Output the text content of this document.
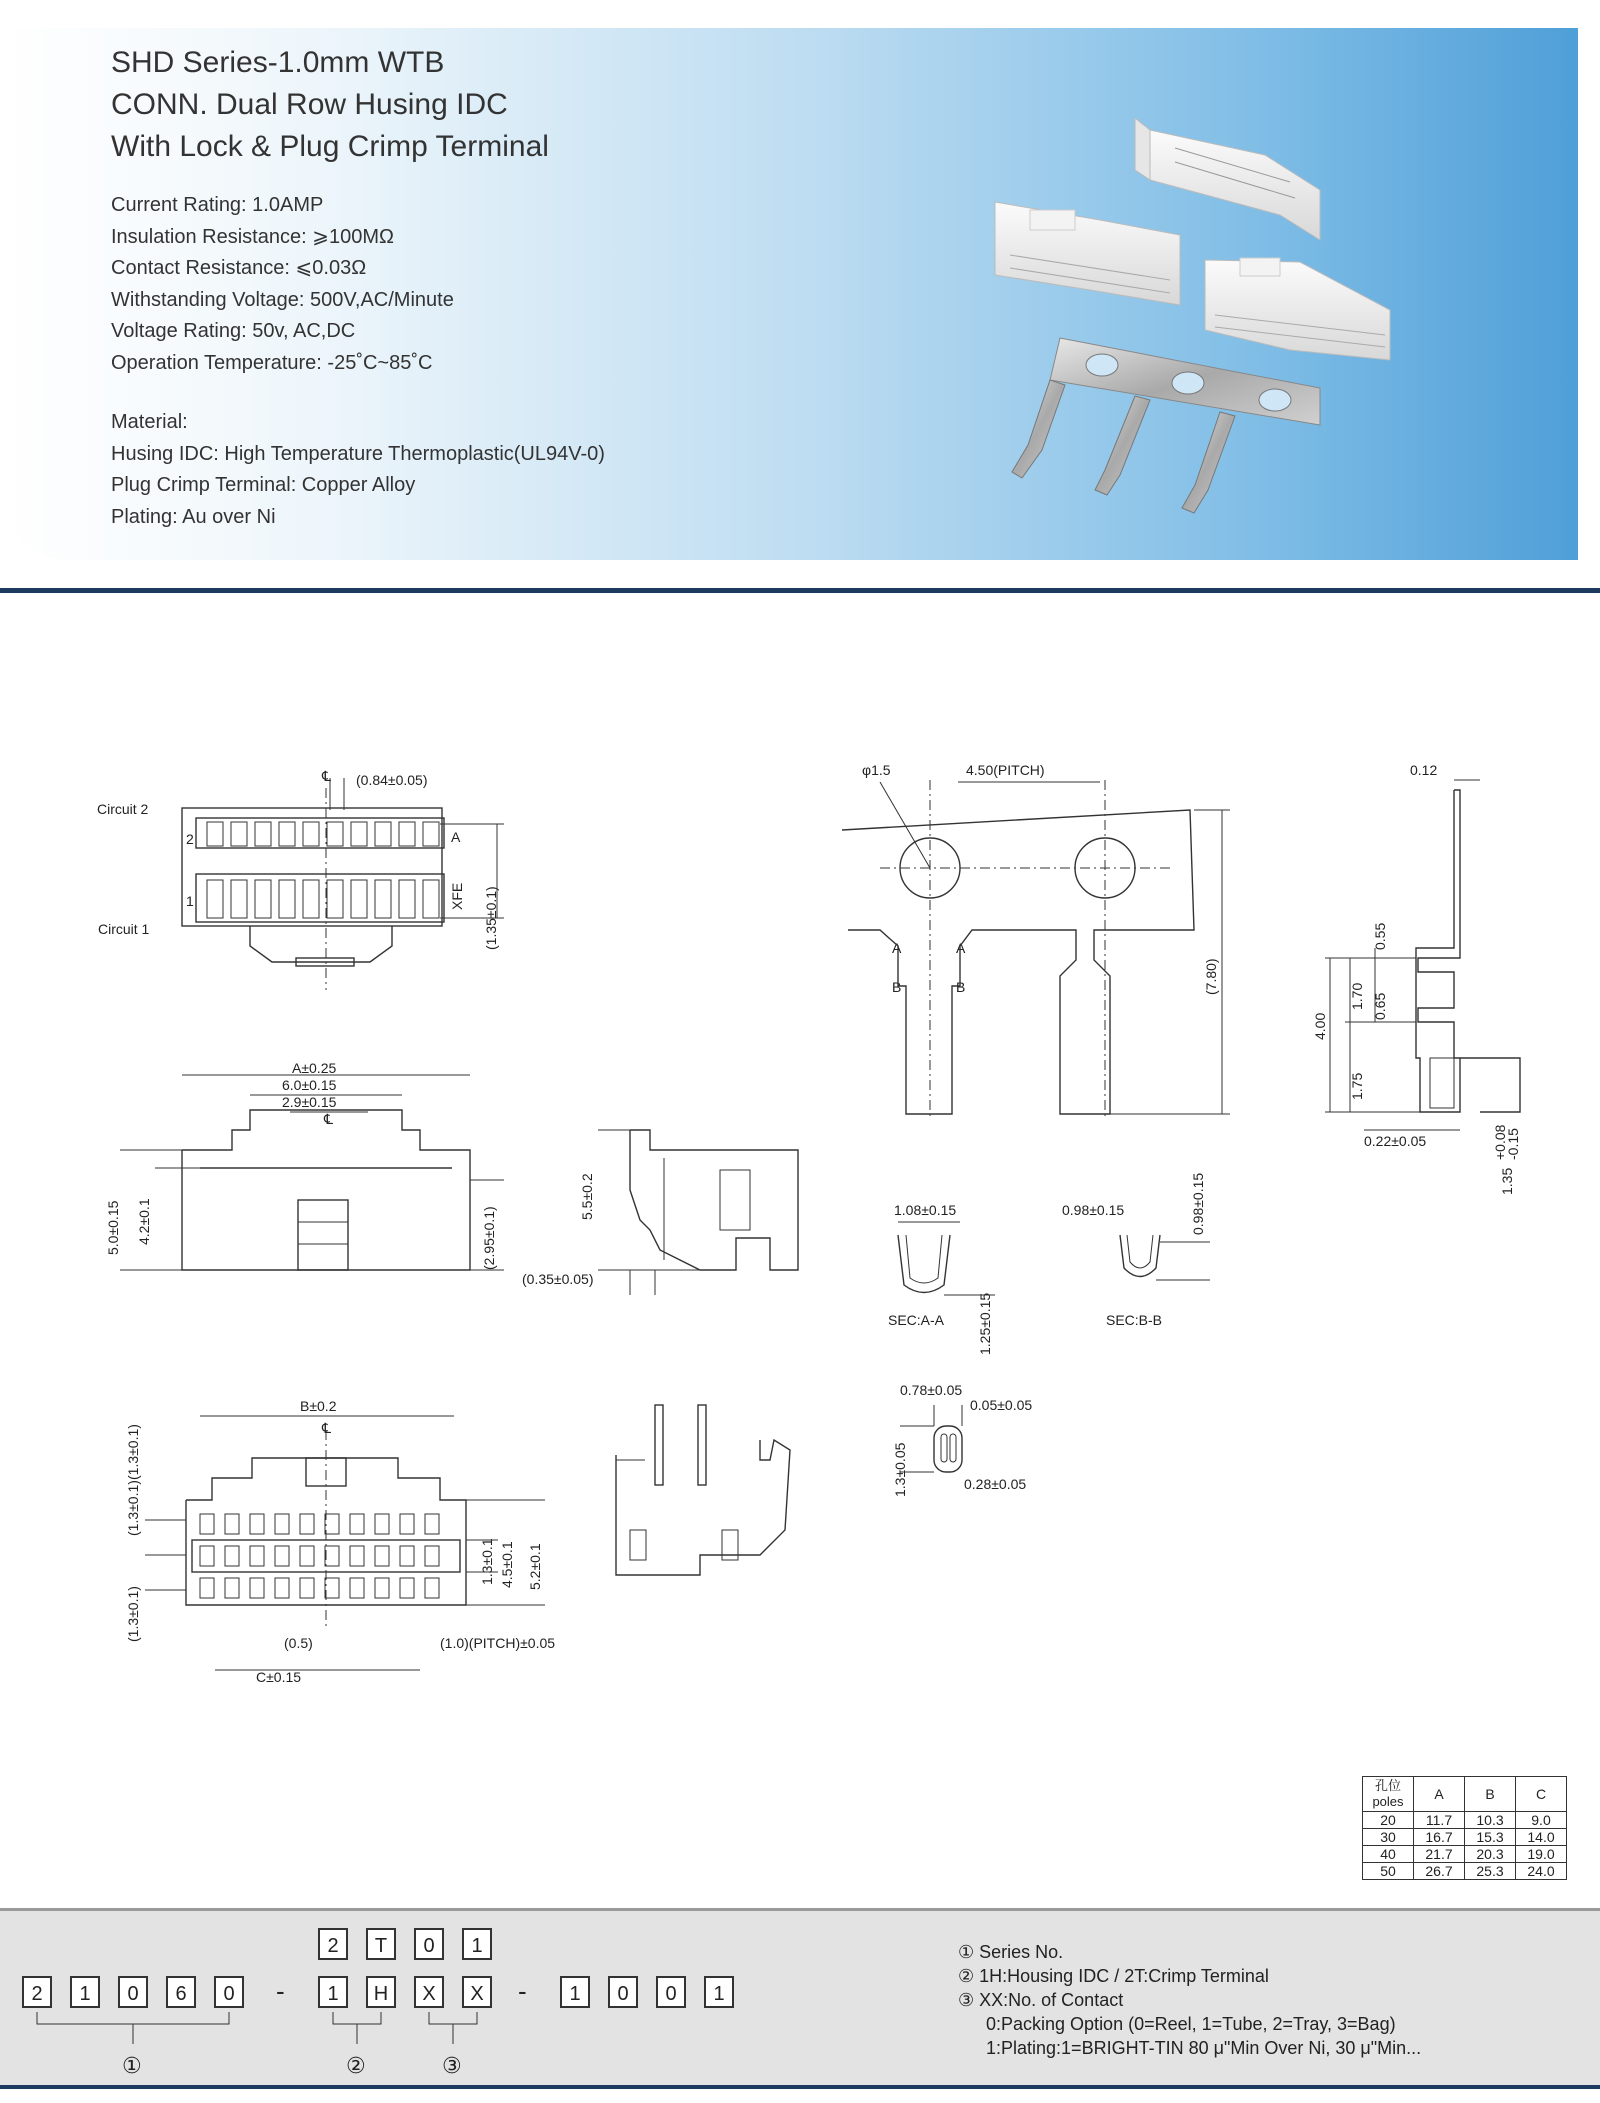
SHD Series-1.0mm WTB
CONN. Dual Row Husing IDC
With Lock & Plug Crimp Terminal
Current Rating: 1.0AMP
Insulation Resistance: ⩾100MΩ
Contact Resistance: ⩽0.03Ω
Withstanding Voltage: 500V,AC/Minute
Voltage Rating: 50v, AC,DC
Operation Temperature: -25˚C~85˚C
Material:
Husing IDC: High Temperature Thermoplastic(UL94V-0)
Plug Crimp Terminal: Copper Alloy
Plating: Au over Ni
℄ (0.84±0.05)
Circuit 2
Circuit 1
2
1
A
XFE (1.35±0.1)
A±0.25
6.0±0.15
2.9±0.15
℄
5.0±0.15 4.2±0.1	(2.95±0.1)
5.5±0.2
(0.35±0.05)
B±0.2
℄
(1.3±0.1)
(1.3±0.1)
(1.3±0.1)
1.3±0.1 4.5±0.1 5.2±0.1
(0.5)	(1.0)(PITCH)±0.05
C±0.15
φ1.5	4.50(PITCH)
A	A
B	B	(7.80)
0.12
0.55
1.70 0.65
4.00
1.75
0.22±0.05
1.35
+0.08
-0.15
1.08±0.15
1.25±0.15
SEC:A-A
0.98±0.15	0.98±0.15
SEC:B-B
0.78±0.05
0.05±0.05
1.3±0.05	0.28±0.05
孔位
poles	A	B	C
20	11.7	10.3	9.0
30	16.7	15.3	14.0
40	21.7	20.3	19.0
50	26.7	25.3	24.0
2	1	0	6	0	-
2	T	0	1
1	H	X	X	-	1	0	0	1
①	②	③
① Series No.
② 1H:Housing IDC / 2T:Crimp Terminal
③ XX:No. of Contact
0:Packing Option (0=Reel, 1=Tube, 2=Tray, 3=Bag)
1:Plating:1=BRIGHT-TIN 80 μ"Min Over Ni, 30 μ"Min...
